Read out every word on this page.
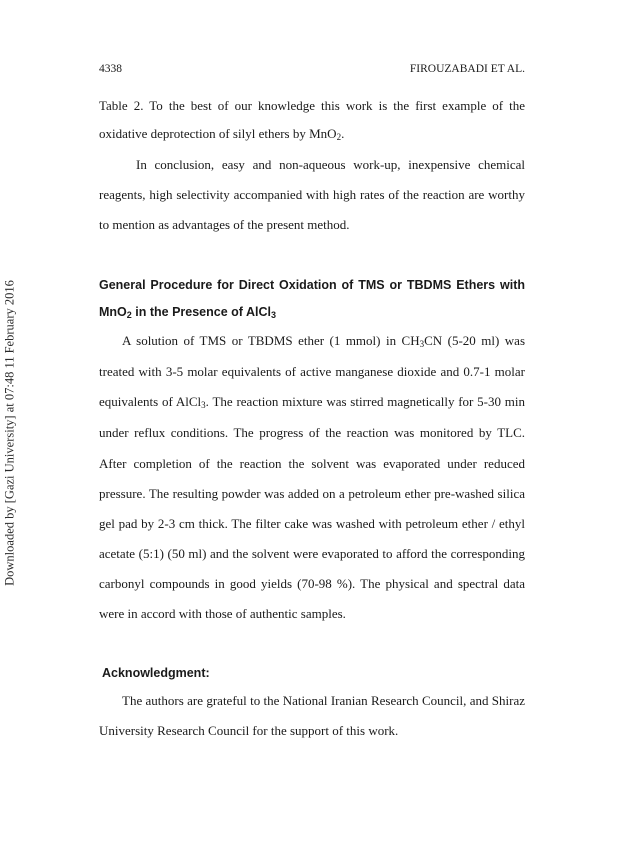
Downloaded by [Gazi University] at 07:48 11 February 2016
4338	FIROUZABADI ET AL.
Table 2. To the best of our knowledge this work is the first example of the
oxidative deprotection of silyl ethers by MnO$_2$.
In conclusion, easy and non-aqueous work-up, inexpensive chemical
reagents, high selectivity accompanied with high rates of the reaction are worthy
to mention as advantages of the present method.
General Procedure for Direct Oxidation of TMS or TBDMS Ethers with
MnO$_2$ in the Presence of AlCl$_3$
A solution of TMS or TBDMS ether (1 mmol) in $CH_3CN$ (5-20 ml) was
treated with 3-5 molar equivalents of active manganese dioxide and 0.7-1 molar
equivalents of AlCl$_3$. The reaction mixture was stirred magnetically for 5-30 min
under reflux conditions. The progress of the reaction was monitored by TLC.
After completion of the reaction the solvent was evaporated under reduced
pressure. The resulting powder was added on a petroleum ether pre-washed silica
gel pad by 2-3 cm thick. The filter cake was washed with petroleum ether / ethyl
acetate (5:1) (50 ml) and the solvent were evaporated to afford the corresponding
carbonyl compounds in good yields (70-98 %). The physical and spectral data
were in accord with those of authentic samples.
Acknowledgment:
The authors are grateful to the National Iranian Research Council, and Shiraz
University Research Council for the support of this work.
